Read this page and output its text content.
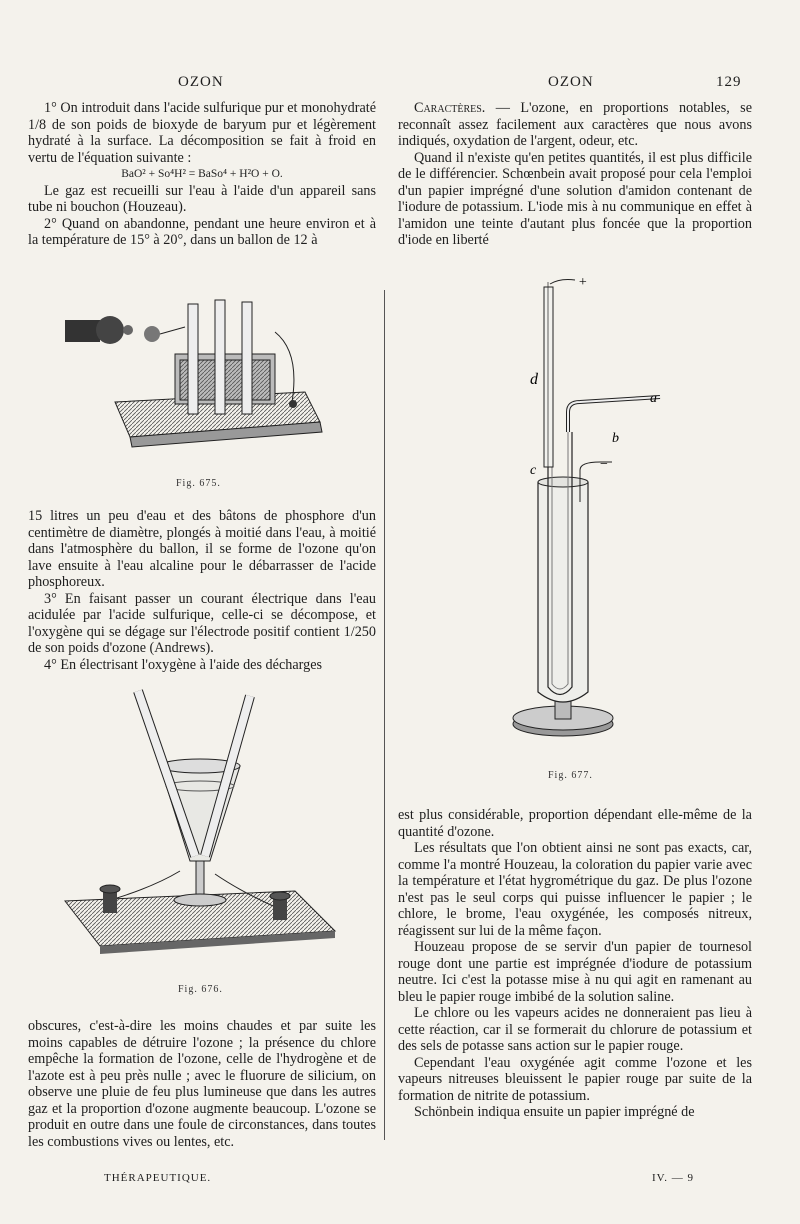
OZON	OZON	129

1° On introduit dans l'acide sulfurique pur et monohydraté 1/8 de son poids de bioxyde de baryum pur et légèrement hydraté à la surface. La décomposition se fait à froid en vertu de l'équation suivante :

BaO² + So⁴H² = BaSo⁴ + H²O + O.

Le gaz est recueilli sur l'eau à l'aide d'un appareil sans tube ni bouchon (Houzeau).

2° Quand on abandonne, pendant une heure environ et à la température de 15° à 20°, dans un ballon de 12 à

Fig. 675.

15 litres un peu d'eau et des bâtons de phosphore d'un centimètre de diamètre, plongés à moitié dans l'eau, à moitié dans l'atmosphère du ballon, il se forme de l'ozone qu'on lave ensuite à l'eau alcaline pour le débarrasser de l'acide phosphoreux.

3° En faisant passer un courant électrique dans l'eau acidulée par l'acide sulfurique, celle-ci se décompose, et l'oxygène qui se dégage sur l'électrode positif contient 1/250 de son poids d'ozone (Andrews).

4° En électrisant l'oxygène à l'aide des décharges

Fig. 676.

obscures, c'est-à-dire les moins chaudes et par suite les moins capables de détruire l'ozone ; la présence du chlore empêche la formation de l'ozone, celle de l'hydrogène et de l'azote est à peu près nulle ; avec le fluorure de silicium, on observe une pluie de feu plus lumineuse que dans les autres gaz et la proportion d'ozone augmente beaucoup. L'ozone se produit en outre dans une foule de circonstances, dans toutes les combustions vives ou lentes, etc.

Caractères. — L'ozone, en proportions notables, se reconnaît assez facilement aux caractères que nous avons indiqués, oxydation de l'argent, odeur, etc.

Quand il n'existe qu'en petites quantités, il est plus difficile de le différencier. Schœnbein avait proposé pour cela l'emploi d'un papier imprégné d'une solution d'amidon contenant de l'iodure de potassium. L'iode mis à nu communique en effet à l'amidon une teinte d'autant plus foncée que la proportion d'iode en liberté

+
d
a
b
c	−
Fig. 677.

est plus considérable, proportion dépendant elle-même de la quantité d'ozone.

Les résultats que l'on obtient ainsi ne sont pas exacts, car, comme l'a montré Houzeau, la coloration du papier varie avec la température et l'état hygrométrique du gaz. De plus l'ozone n'est pas le seul corps qui puisse influencer le papier ; le chlore, le brome, l'eau oxygénée, les composés nitreux, réagissent sur lui de la même façon.

Houzeau propose de se servir d'un papier de tournesol rouge dont une partie est imprégnée d'iodure de potassium neutre. Ici c'est la potasse mise à nu qui agit en ramenant au bleu le papier rouge imbibé de la solution saline.

Le chlore ou les vapeurs acides ne donneraient pas lieu à cette réaction, car il se formerait du chlorure de potassium et des sels de potasse sans action sur le papier rouge.

Cependant l'eau oxygénée agit comme l'ozone et les vapeurs nitreuses bleuissent le papier rouge par suite de la formation de nitrite de potassium.

Schönbein indiqua ensuite un papier imprégné de

THÉRAPEUTIQUE.	IV. — 9
